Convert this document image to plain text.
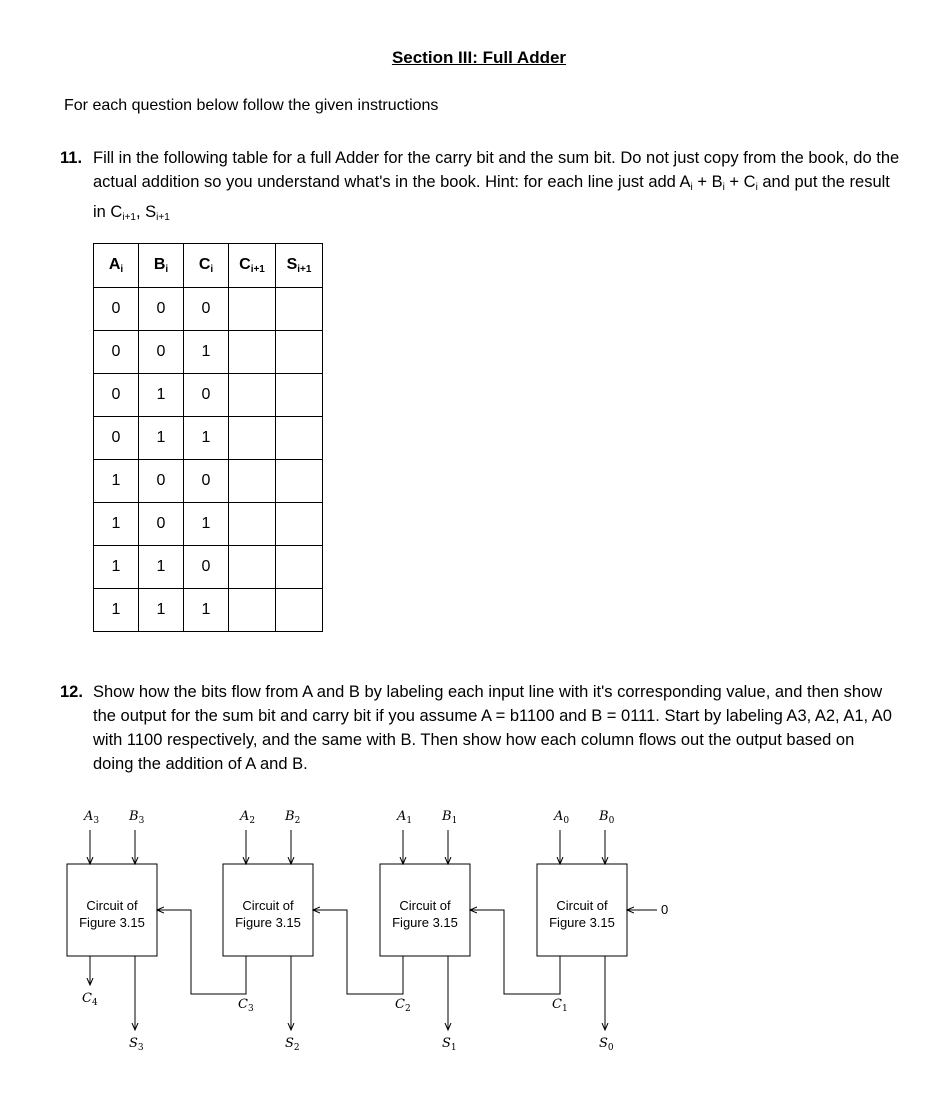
Section III: Full Adder
For each question below follow the given instructions
11. Fill in the following table for a full Adder for the carry bit and the sum bit. Do not just copy from the book, do the actual addition so you understand what's in the book. Hint: for each line just add $A_i + B_i + C_i$ and put the result in $C_{i+1}$, $S_{i+1}$
$A_i$	$B_i$	$C_i$	$C_{i+1}$	$S_{i+1}$
0	0	0		
0	0	1		
0	1	0		
0	1	1		
1	0	0		
1	0	1		
1	1	0		
1	1	1		
12. Show how the bits flow from A and B by labeling each input line with it's corresponding value, and then show the output for the sum bit and carry bit if you assume A = b1100 and B = 0111. Start by labeling A3, A2, A1, A0 with 1100 respectively, and the same with B. Then show how each column flows out the output based on doing the addition of A and B.
Circuit of
Figure 3.15
$A_3$ $B_3$
$S_3$
$C_4$
Circuit of
Figure 3.15
$A_2$ $B_2$
$S_2$
$C_3$
Circuit of
Figure 3.15
$A_1$ $B_1$
$S_1$
$C_2$
Circuit of
Figure 3.15
$A_0$ $B_0$
$S_0$
$C_1$
0
